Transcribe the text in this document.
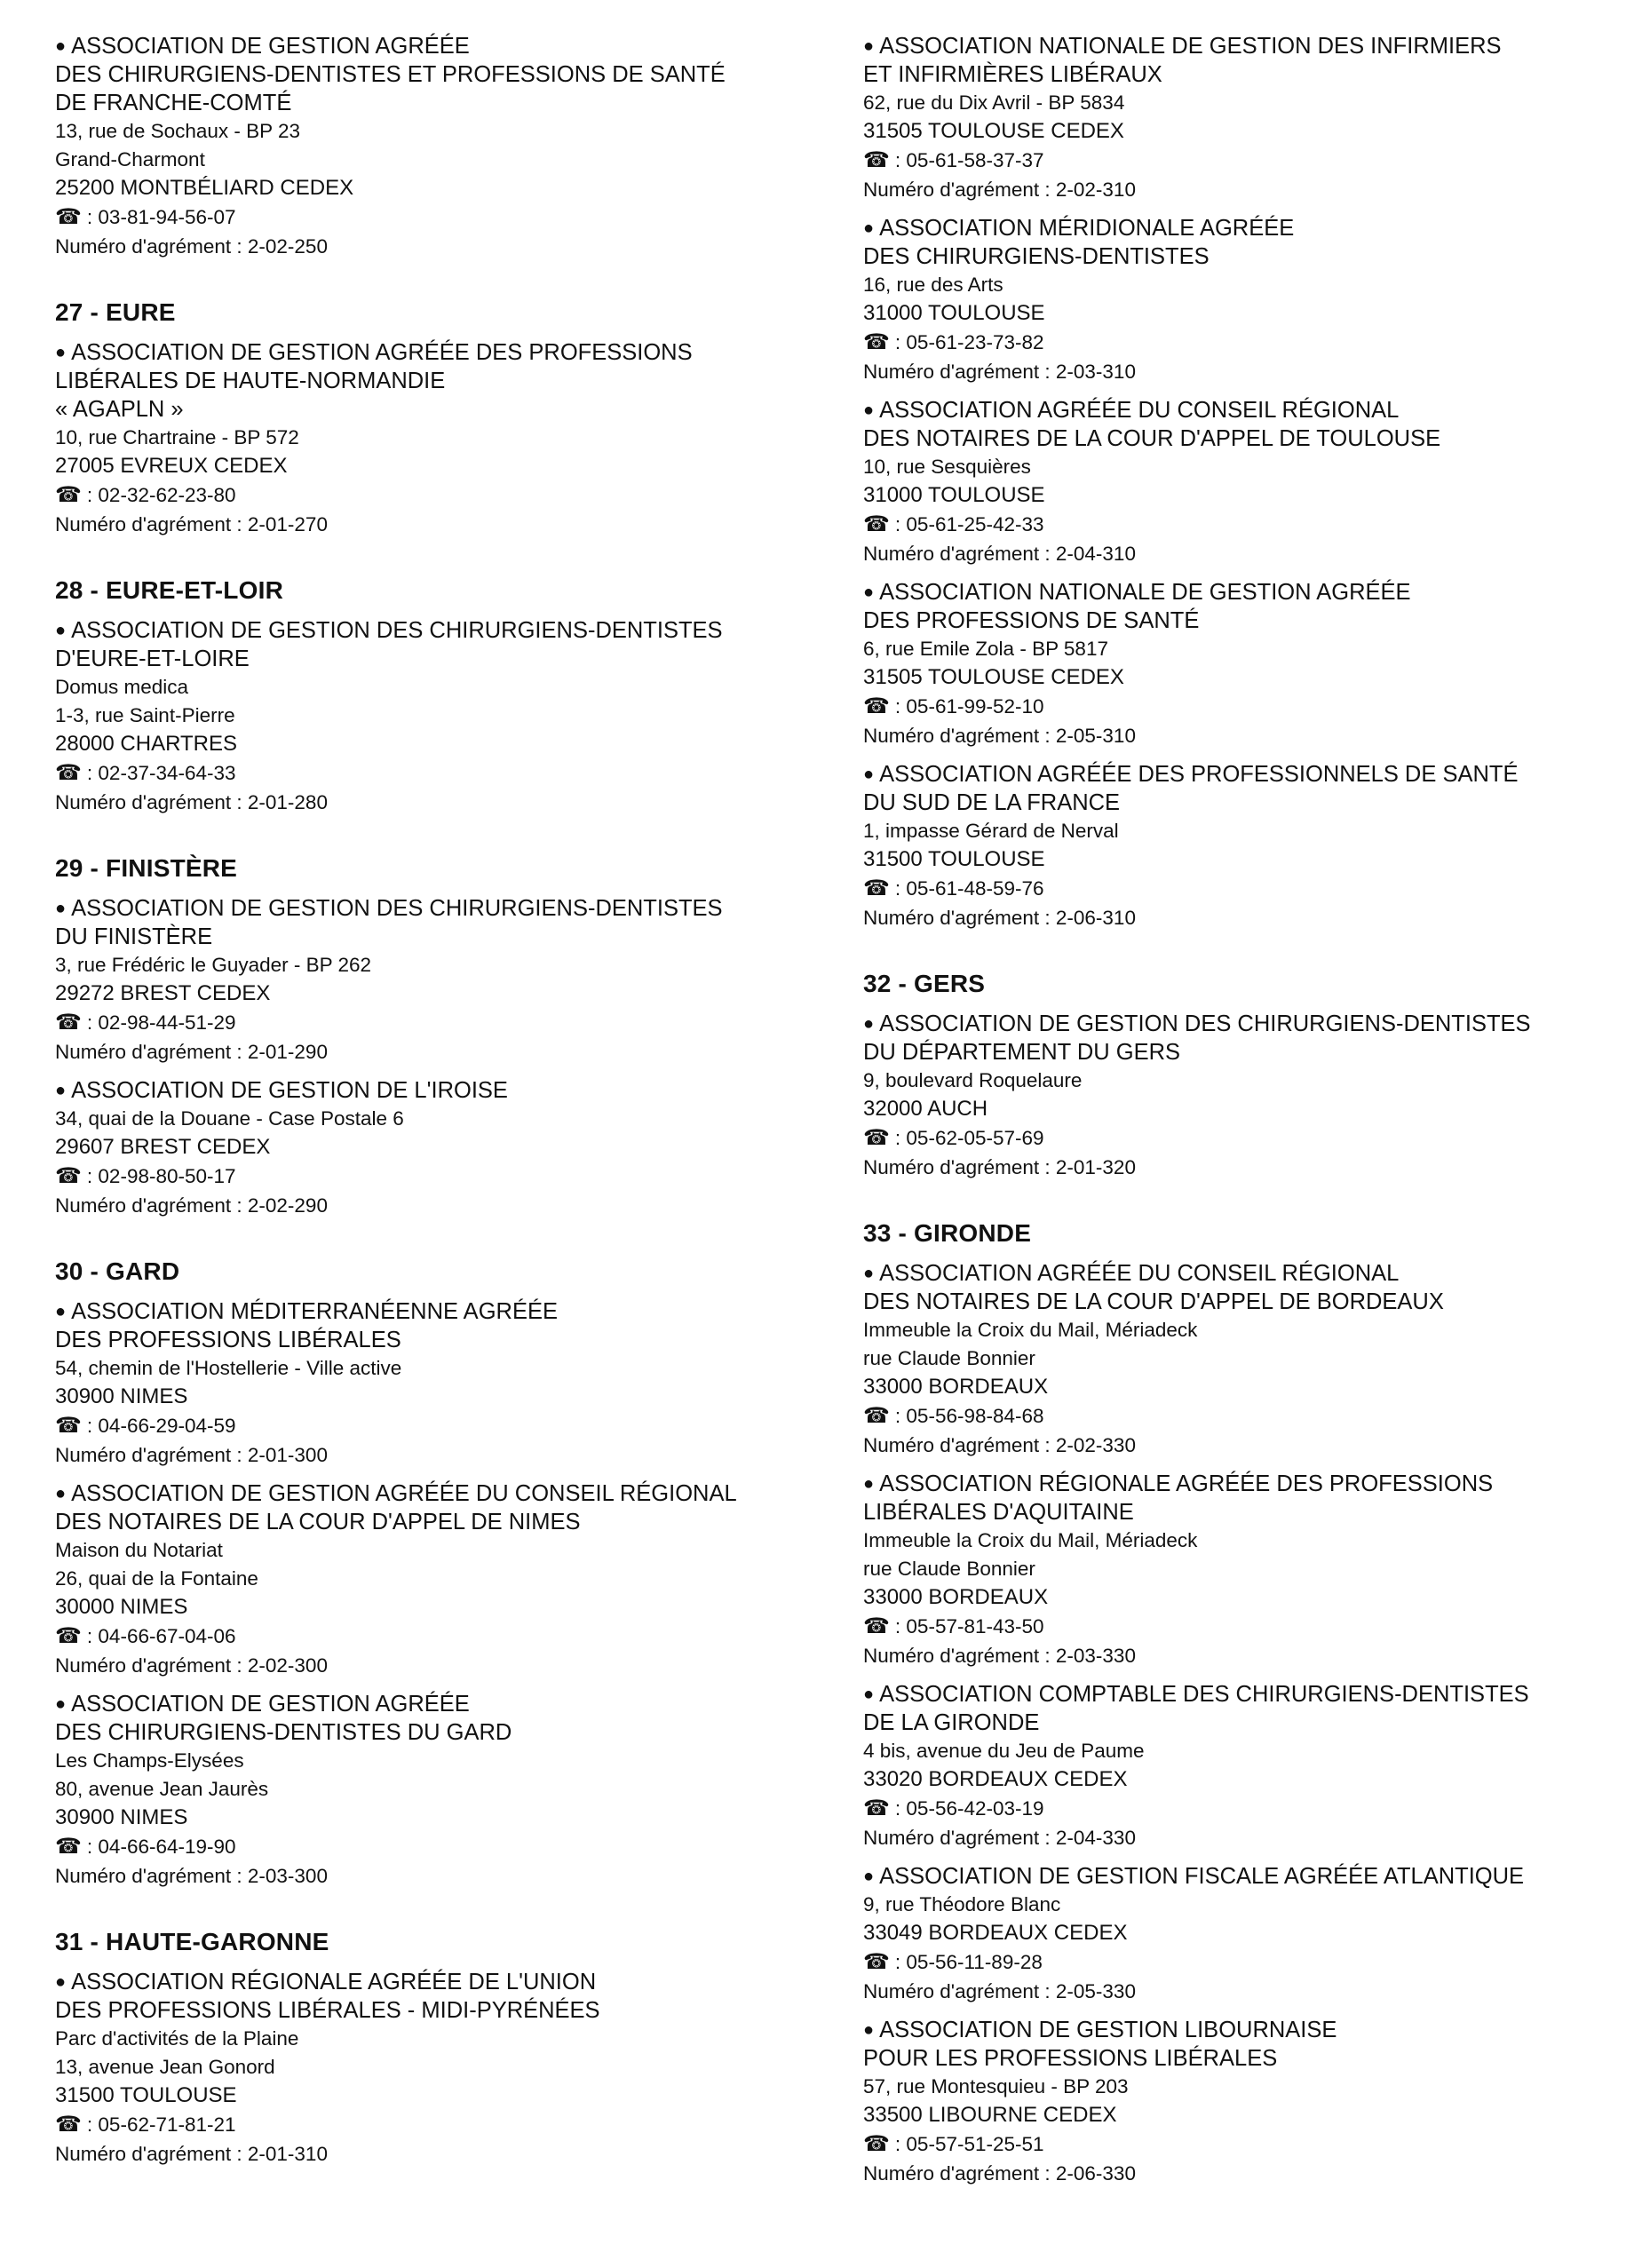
● ASSOCIATION DE GESTION AGRÉÉE
DES CHIRURGIENS-DENTISTES ET PROFESSIONS DE SANTÉ
DE FRANCHE-COMTÉ
13, rue de Sochaux - BP 23
Grand-Charmont
25200 MONTBÉLIARD CEDEX
☎ : 03-81-94-56-07
Numéro d'agrément : 2-02-250
27 - EURE
● ASSOCIATION DE GESTION AGRÉÉE DES PROFESSIONS
LIBÉRALES DE HAUTE-NORMANDIE
« AGAPLN »
10, rue Chartraine - BP 572
27005 EVREUX CEDEX
☎ : 02-32-62-23-80
Numéro d'agrément : 2-01-270
28 - EURE-ET-LOIR
● ASSOCIATION DE GESTION DES CHIRURGIENS-DENTISTES
D'EURE-ET-LOIRE
Domus medica
1-3, rue Saint-Pierre
28000 CHARTRES
☎ : 02-37-34-64-33
Numéro d'agrément : 2-01-280
29 - FINISTÈRE
● ASSOCIATION DE GESTION DES CHIRURGIENS-DENTISTES
DU FINISTÈRE
3, rue Frédéric le Guyader - BP 262
29272 BREST CEDEX
☎ : 02-98-44-51-29
Numéro d'agrément : 2-01-290
● ASSOCIATION DE GESTION DE L'IROISE
34, quai de la Douane - Case Postale 6
29607 BREST CEDEX
☎ : 02-98-80-50-17
Numéro d'agrément : 2-02-290
30 - GARD
● ASSOCIATION MÉDITERRANÉENNE AGRÉÉE
DES PROFESSIONS LIBÉRALES
54, chemin de l'Hostellerie - Ville active
30900 NIMES
☎ : 04-66-29-04-59
Numéro d'agrément : 2-01-300
● ASSOCIATION DE GESTION AGRÉÉE DU CONSEIL RÉGIONAL
DES NOTAIRES DE LA COUR D'APPEL DE NIMES
Maison du Notariat
26, quai de la Fontaine
30000 NIMES
☎ : 04-66-67-04-06
Numéro d'agrément : 2-02-300
● ASSOCIATION DE GESTION AGRÉÉE
DES CHIRURGIENS-DENTISTES DU GARD
Les Champs-Elysées
80, avenue Jean Jaurès
30900 NIMES
☎ : 04-66-64-19-90
Numéro d'agrément : 2-03-300
31 - HAUTE-GARONNE
● ASSOCIATION RÉGIONALE AGRÉÉE DE L'UNION
DES PROFESSIONS LIBÉRALES - MIDI-PYRÉNÉES
Parc d'activités de la Plaine
13, avenue Jean Gonord
31500 TOULOUSE
☎ : 05-62-71-81-21
Numéro d'agrément : 2-01-310
● ASSOCIATION NATIONALE DE GESTION DES INFIRMIERS
ET INFIRMIÈRES LIBÉRAUX
62, rue du Dix Avril - BP 5834
31505 TOULOUSE CEDEX
☎ : 05-61-58-37-37
Numéro d'agrément : 2-02-310
● ASSOCIATION MÉRIDIONALE AGRÉÉE
DES CHIRURGIENS-DENTISTES
16, rue des Arts
31000 TOULOUSE
☎ : 05-61-23-73-82
Numéro d'agrément : 2-03-310
● ASSOCIATION AGRÉÉE DU CONSEIL RÉGIONAL
DES NOTAIRES DE LA COUR D'APPEL DE TOULOUSE
10, rue Sesquières
31000 TOULOUSE
☎ : 05-61-25-42-33
Numéro d'agrément : 2-04-310
● ASSOCIATION NATIONALE DE GESTION AGRÉÉE
DES PROFESSIONS DE SANTÉ
6, rue Emile Zola - BP 5817
31505 TOULOUSE CEDEX
☎ : 05-61-99-52-10
Numéro d'agrément : 2-05-310
● ASSOCIATION AGRÉÉE DES PROFESSIONNELS DE SANTÉ
DU SUD DE LA FRANCE
1, impasse Gérard de Nerval
31500 TOULOUSE
☎ : 05-61-48-59-76
Numéro d'agrément : 2-06-310
32 - GERS
● ASSOCIATION DE GESTION DES CHIRURGIENS-DENTISTES
DU DÉPARTEMENT DU GERS
9, boulevard Roquelaure
32000 AUCH
☎ : 05-62-05-57-69
Numéro d'agrément : 2-01-320
33 - GIRONDE
● ASSOCIATION AGRÉÉE DU CONSEIL RÉGIONAL
DES NOTAIRES DE LA COUR D'APPEL DE BORDEAUX
Immeuble la Croix du Mail, Mériadeck
rue Claude Bonnier
33000 BORDEAUX
☎ : 05-56-98-84-68
Numéro d'agrément : 2-02-330
● ASSOCIATION RÉGIONALE AGRÉÉE DES PROFESSIONS
LIBÉRALES D'AQUITAINE
Immeuble la Croix du Mail, Mériadeck
rue Claude Bonnier
33000 BORDEAUX
☎ : 05-57-81-43-50
Numéro d'agrément : 2-03-330
● ASSOCIATION COMPTABLE DES CHIRURGIENS-DENTISTES
DE LA GIRONDE
4 bis, avenue du Jeu de Paume
33020 BORDEAUX CEDEX
☎ : 05-56-42-03-19
Numéro d'agrément : 2-04-330
● ASSOCIATION DE GESTION FISCALE AGRÉÉE ATLANTIQUE
9, rue Théodore Blanc
33049 BORDEAUX CEDEX
☎ : 05-56-11-89-28
Numéro d'agrément : 2-05-330
● ASSOCIATION DE GESTION LIBOURNAISE
POUR LES PROFESSIONS LIBÉRALES
57, rue Montesquieu - BP 203
33500 LIBOURNE CEDEX
☎ : 05-57-51-25-51
Numéro d'agrément : 2-06-330
